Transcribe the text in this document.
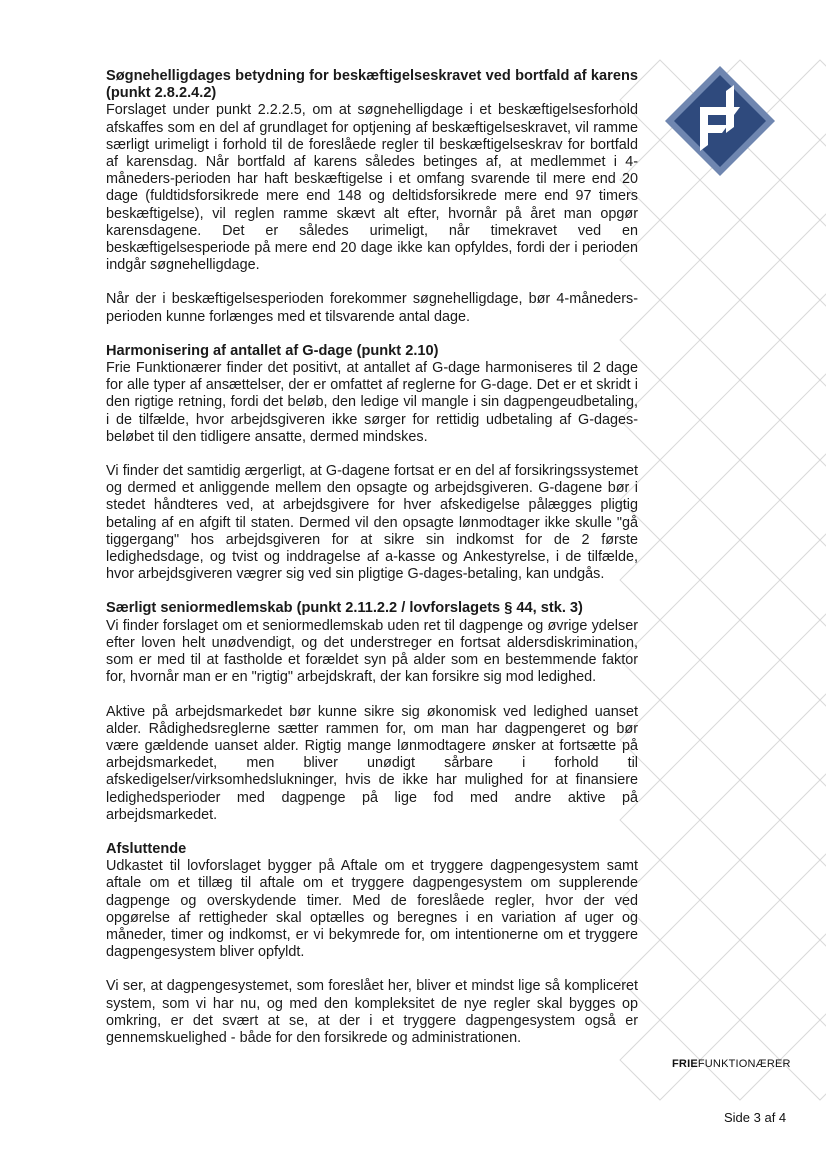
Søgnehelligdages betydning for beskæftigelseskravet ved bortfald af karens (punkt 2.8.2.4.2)

Forslaget under punkt 2.2.2.5, om at søgnehelligdage i et beskæftigelsesforhold afskaffes som en del af grundlaget for optjening af beskæftigelseskravet, vil ramme særligt urimeligt i forhold til de foreslåede regler til beskæftigelseskrav for bortfald af karensdag. Når bortfald af karens således betinges af, at medlemmet i 4-måneders-perioden har haft beskæftigelse i et omfang svarende til mere end 20 dage (fuldtidsforsikrede mere end 148 og deltidsforsikrede mere end 97 timers beskæftigelse), vil reglen ramme skævt alt efter, hvornår på året man opgør karensdagene. Det er således urimeligt, når timekravet ved en beskæftigelsesperiode på mere end 20 dage ikke kan opfyldes, fordi der i perioden indgår søgnehelligdage.

Når der i beskæftigelsesperioden forekommer søgnehelligdage, bør 4-måneders-perioden kunne forlænges med et tilsvarende antal dage.

Harmonisering af antallet af G-dage (punkt 2.10)

Frie Funktionærer finder det positivt, at antallet af G-dage harmoniseres til 2 dage for alle typer af ansættelser, der er omfattet af reglerne for G-dage. Det er et skridt i den rigtige retning, fordi det beløb, den ledige vil mangle i sin dagpengeudbetaling, i de tilfælde, hvor arbejdsgiveren ikke sørger for rettidig udbetaling af G-dages-beløbet til den tidligere ansatte, dermed mindskes.

Vi finder det samtidig ærgerligt, at G-dagene fortsat er en del af forsikringssystemet og dermed et anliggende mellem den opsagte og arbejdsgiveren. G-dagene bør i stedet håndteres ved, at arbejdsgivere for hver afskedigelse pålægges pligtig betaling af en afgift til staten. Dermed vil den opsagte lønmodtager ikke skulle "gå tiggergang" hos arbejdsgiveren for at sikre sin indkomst for de 2 første ledighedsdage, og tvist og inddragelse af a-kasse og Ankestyrelse, i de tilfælde, hvor arbejdsgiveren vægrer sig ved sin pligtige G-dages-betaling, kan undgås.

Særligt seniormedlemskab (punkt 2.11.2.2 / lovforslagets § 44, stk. 3)

Vi finder forslaget om et seniormedlemskab uden ret til dagpenge og øvrige ydelser efter loven helt unødvendigt, og det understreger en fortsat aldersdiskrimination, som er med til at fastholde et forældet syn på alder som en bestemmende faktor for, hvornår man er en "rigtig" arbejdskraft, der kan forsikre sig mod ledighed.

Aktive på arbejdsmarkedet bør kunne sikre sig økonomisk ved ledighed uanset alder. Rådighedsreglerne sætter rammen for, om man har dagpengeret og bør være gældende uanset alder. Rigtig mange lønmodtagere ønsker at fortsætte på arbejdsmarkedet, men bliver unødigt sårbare i forhold til afskedigelser/virksomhedslukninger, hvis de ikke har mulighed for at finansiere ledighedsperioder med dagpenge på lige fod med andre aktive på arbejdsmarkedet.

Afsluttende

Udkastet til lovforslaget bygger på Aftale om et tryggere dagpengesystem samt aftale om et tillæg til aftale om et tryggere dagpengesystem om supplerende dagpenge og overskydende timer. Med de foreslåede regler, hvor der ved opgørelse af rettigheder skal optælles og beregnes i en variation af uger og måneder, timer og indkomst, er vi bekymrede for, om intentionerne om et tryggere dagpengesystem bliver opfyldt.

Vi ser, at dagpengesystemet, som foreslået her, bliver et mindst lige så kompliceret system, som vi har nu, og med den kompleksitet de nye regler skal bygges op omkring, er det svært at se, at der i et tryggere dagpengesystem også er gennemskuelighed - både for den forsikrede og administrationen.

FRIEFUNKTIONÆRER
Side 3 af 4
